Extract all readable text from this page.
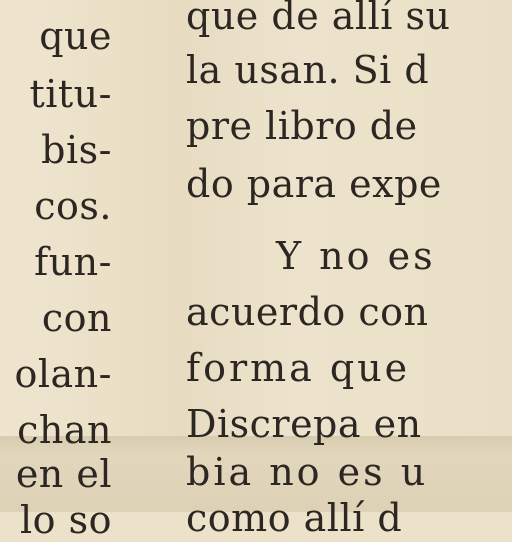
que
titu-
bis-
cos.
fun-
con
olan-
chan
en el
lo so
que de allí su
la usan. Si d
pre libro de
do para expe
Y no es
acuerdo con
forma que
Discrepa en
bia no es u
como allí d
